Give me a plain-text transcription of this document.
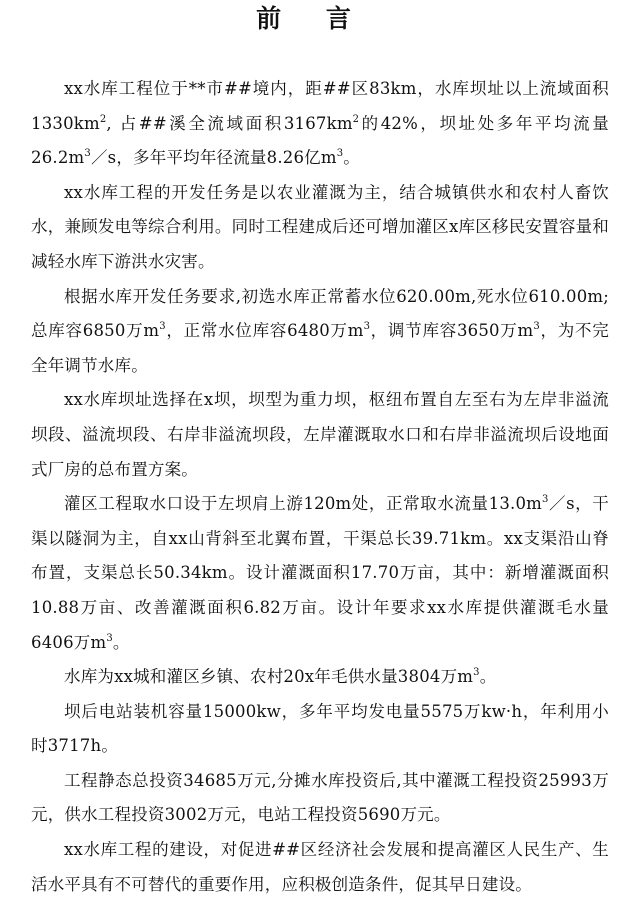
前 言

xx水库工程位于**市##境内，距##区83km，水库坝址以上流域面积$1330km^2$, 占##溪全流域面积$3167km^2$的42%，坝址处多年平均流量$26.2m^3/s$，多年平均年径流量8.26亿$m^3$。

xx水库工程的开发任务是以农业灌溉为主，结合城镇供水和农村人畜饮水，兼顾发电等综合利用。同时工程建成后还可增加灌区x库区移民安置容量和减轻水库下游洪水灾害。

根据水库开发任务要求,初选水库正常蓄水位620.00m,死水位610.00m;总库容6850万$m^3$，正常水位库容6480万$m^3$，调节库容3650万$m^3$，为不完全年调节水库。

xx水库坝址选择在x坝，坝型为重力坝，枢纽布置自左至右为左岸非溢流坝段、溢流坝段、右岸非溢流坝段，左岸灌溉取水口和右岸非溢流坝后设地面式厂房的总布置方案。

灌区工程取水口设于左坝肩上游120m处，正常取水流量$13.0m^3/s$，干渠以隧洞为主，自xx山背斜至北翼布置，干渠总长39.71km。xx支渠沿山脊布置，支渠总长50.34km。设计灌溉面积17.70万亩，其中：新增灌溉面积10.88万亩、改善灌溉面积6.82万亩。设计年要求xx水库提供灌溉毛水量6406万$m^3$。

水库为xx城和灌区乡镇、农村20x年毛供水量3804万$m^3$。

坝后电站装机容量15000kw，多年平均发电量5575万kw·h，年利用小时3717h。

工程静态总投资34685万元,分摊水库投资后,其中灌溉工程投资25993万元，供水工程投资3002万元，电站工程投资5690万元。

xx水库工程的建设，对促进##区经济社会发展和提高灌区人民生产、生活水平具有不可替代的重要作用，应积极创造条件，促其早日建设。
